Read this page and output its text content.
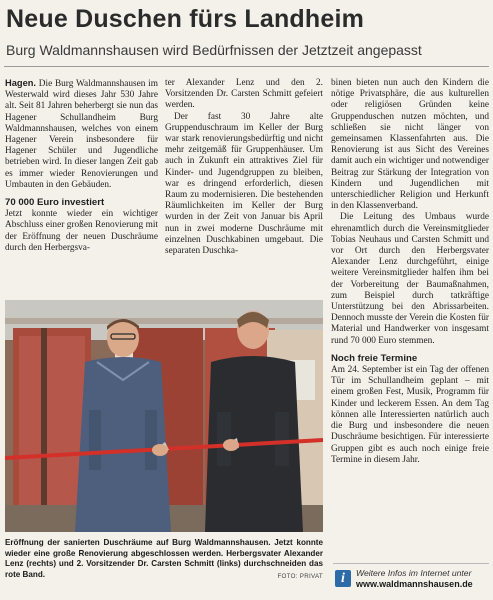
Neue Duschen fürs Landheim
Burg Waldmannshausen wird Bedürfnissen der Jetztzeit angepasst

Hagen. Die Burg Waldmannshausen im Westerwald wird dieses Jahr 530 Jahre alt. Seit 81 Jahren beherbergt sie nun das Hagener Schullandheim Burg Waldmannshausen, welches von einem Hagener Verein insbesondere für Hagener Schüler und Jugendliche betrieben wird. In dieser langen Zeit gab es immer wieder Renovierungen und Umbauten in den Gebäuden.

70 000 Euro investiert

Jetzt konnte wieder ein wichtiger Abschluss einer großen Renovierung mit der Eröffnung der neuen Duschräume durch den Herbergsva-

ter Alexander Lenz und den 2. Vorsitzenden Dr. Carsten Schmitt gefeiert werden.

Der fast 30 Jahre alte Gruppenduschraum im Keller der Burg war stark renovierungsbedürftig und nicht mehr zeitgemäß für Gruppenhäuser. Um auch in Zukunft ein attraktives Ziel für Kinder- und Jugendgruppen zu bleiben, war es dringend erforderlich, diesen Raum zu modernisieren. Die bestehenden Räumlichkeiten im Keller der Burg wurden in der Zeit von Januar bis April nun in zwei moderne Duschräume mit einzelnen Duschkabinen umgebaut. Die separaten Duschka-

binen bieten nun auch den Kindern die nötige Privatsphäre, die aus kulturellen oder religiösen Gründen keine Gruppenduschen nutzen möchten, und schließen sie nicht länger von gemeinsamen Klassenfahrten aus. Die Renovierung ist aus Sicht des Vereines damit auch ein wichtiger und notwendiger Beitrag zur Stärkung der Integration von Kindern und Jugendlichen mit unterschiedlicher Religion und Herkunft in den Klassenverband.

Die Leitung des Umbaus wurde ehrenamtlich durch die Vereinsmitglieder Tobias Neuhaus und Carsten Schmitt und vor Ort durch den Herbergsvater Alexander Lenz durchgeführt, einige weitere Vereinsmitglieder halfen ihm bei der Vorbereitung der Baumaßnahmen, zum Beispiel durch tatkräftige Unterstützung bei den Abrissarbeiten. Dennoch musste der Verein die Kosten für Material und Handwerker von insgesamt rund 70 000 Euro stemmen.

Noch freie Termine

Am 24. September ist ein Tag der offenen Tür im Schullandheim geplant – mit einem großen Fest, Musik, Programm für Kinder und leckerem Essen. An dem Tag können alle Interessierten natürlich auch die Burg und insbesondere die neuen Duschräume besichtigen. Für interessierte Gruppen gibt es auch noch einige freie Termine in diesem Jahr.

Eröffnung der sanierten Duschräume auf Burg Waldmannshausen. Jetzt konnte wieder eine große Renovierung abgeschlossen werden. Herbergsvater Alexander Lenz (rechts) und 2. Vorsitzender Dr. Carsten Schmitt (links) durchschneiden das rote Band.	FOTO: PRIVAT	i	Weitere Infos im Internet unter
www.waldmannshausen.de
